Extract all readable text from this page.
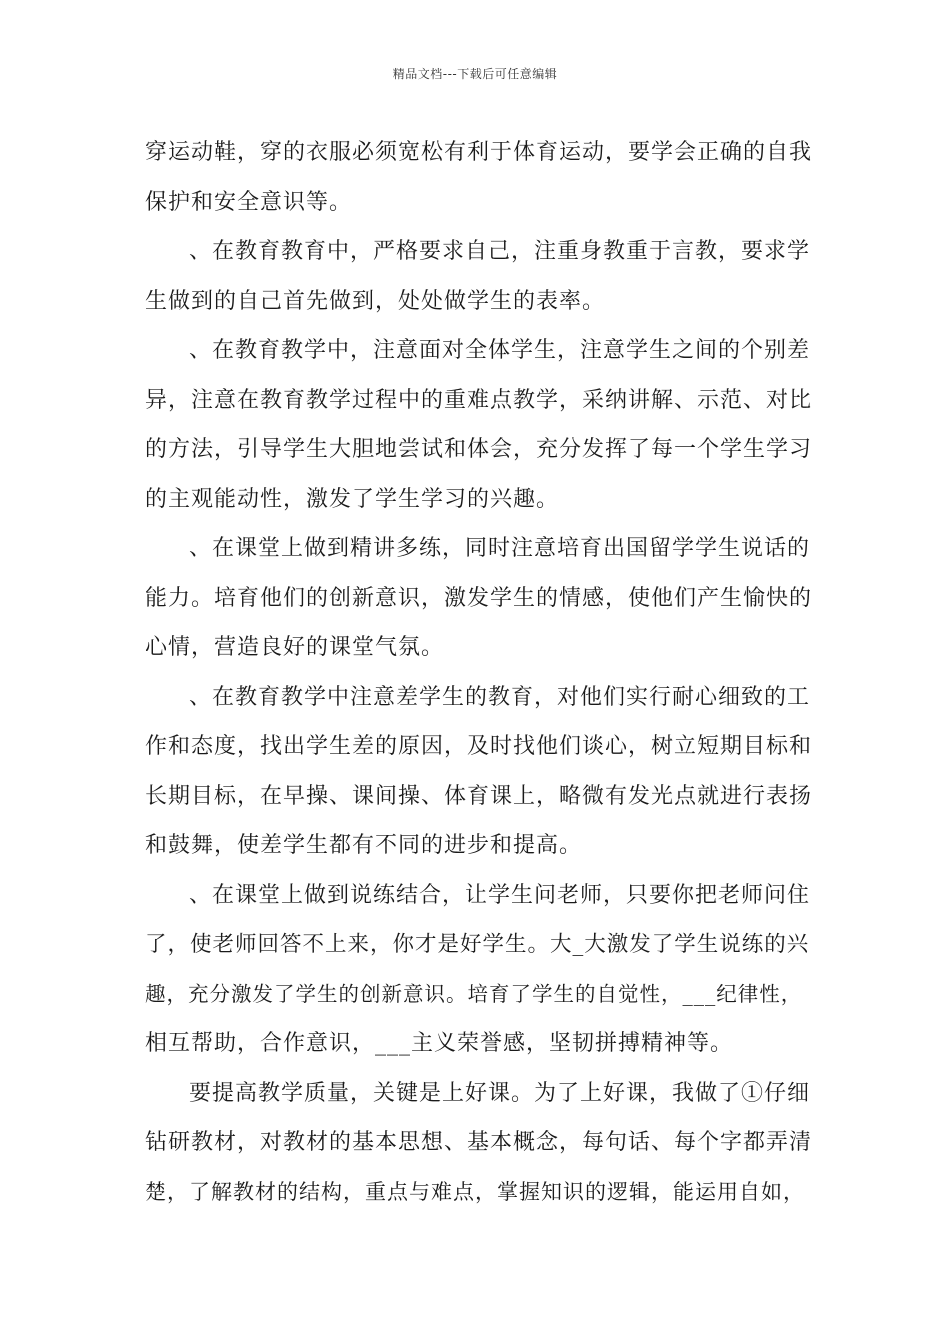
精品文档---下载后可任意编辑
穿运动鞋，穿的衣服必须宽松有利于体育运动，要学会正确的自我
保护和安全意识等。
、在教育教育中，严格要求自己，注重身教重于言教，要求学
生做到的自己首先做到，处处做学生的表率。
、在教育教学中，注意面对全体学生，注意学生之间的个别差
异，注意在教育教学过程中的重难点教学，采纳讲解、示范、对比
的方法，引导学生大胆地尝试和体会，充分发挥了每一个学生学习
的主观能动性，激发了学生学习的兴趣。
、在课堂上做到精讲多练，同时注意培育出国留学学生说话的
能力。培育他们的创新意识，激发学生的情感，使他们产生愉快的
心情，营造良好的课堂气氛。
、在教育教学中注意差学生的教育，对他们实行耐心细致的工
作和态度，找出学生差的原因，及时找他们谈心，树立短期目标和
长期目标，在早操、课间操、体育课上，略微有发光点就进行表扬
和鼓舞，使差学生都有不同的进步和提高。
、在课堂上做到说练结合，让学生问老师，只要你把老师问住
了，使老师回答不上来，你才是好学生。大_大激发了学生说练的兴
趣，充分激发了学生的创新意识。培育了学生的自觉性，___纪律性，
相互帮助，合作意识，___主义荣誉感，坚韧拼搏精神等。
要提高教学质量，关键是上好课。为了上好课，我做了①仔细
钻研教材，对教材的基本思想、基本概念，每句话、每个字都弄清
楚，了解教材的结构，重点与难点，掌握知识的逻辑，能运用自如，
